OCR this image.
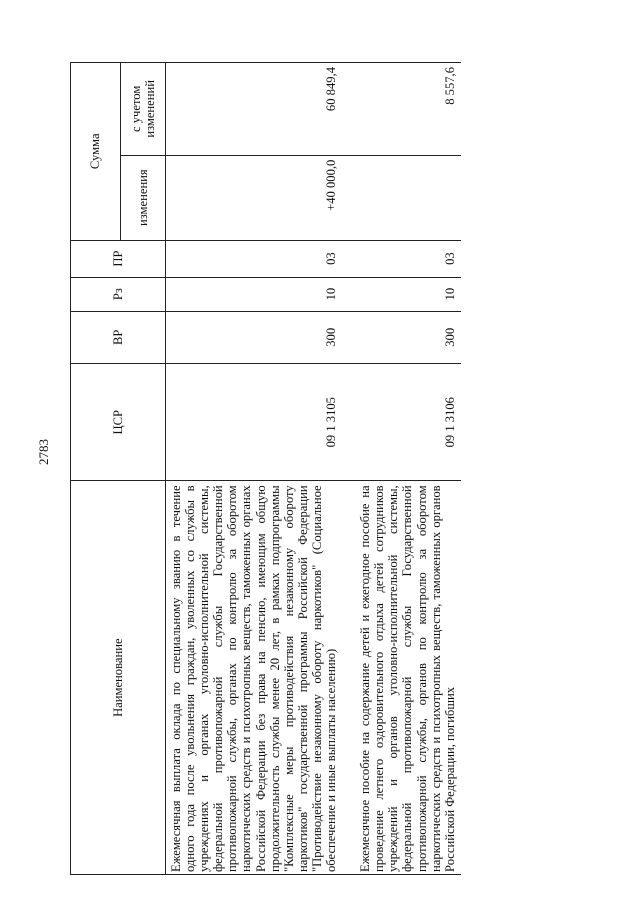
2783
Наименование	ЦСР	ВР	Рз	ПР	Сумма	
					изменения	с учетом изменений
Ежемесячная выплата оклада по специальному званию в течение одного года после увольнения граждан, уволенных со службы в учреждениях и органах уголовно-исполнительной системы, федеральной противопожарной службы Государственной противопожарной службы, органах по контролю за оборотом наркотических средств и психотропных веществ, таможенных органах Российской Федерации без права на пенсию, имеющим общую продолжительность службы менее 20 лет, в рамках подпрограммы "Комплексные меры противодействия незаконному обороту наркотиков" государственной программы Российской Федерации "Противодействие незаконному обороту наркотиков" (Социальное обеспечение и иные выплаты населению)	09 1 3105	300	10	03	+40 000,0	60 849,4
Ежемесячное пособие на содержание детей и ежегодное пособие на проведение летнего оздоровительного отдыха детей сотрудников учреждений и органов уголовно-исполнительной системы, федеральной противопожарной службы Государственной противопожарной службы, органов по контролю за оборотом наркотических средств и психотропных веществ, таможенных органов Российской Федерации, погибших	09 1 3106	300	10	03		8 557,6
